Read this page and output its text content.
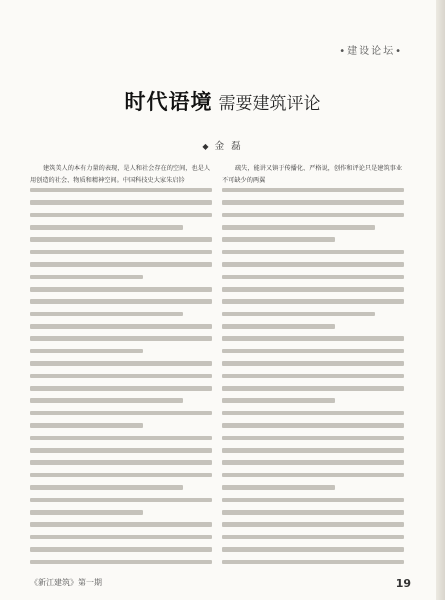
•建设论坛•
时代语境 需要建筑评论
◆ 金 磊

建筑美人的本有力量的表现，是人和社会存在的空间，也是人用创造的社会、物质和精神空间。中国科技史大家朱启钤

疏失，能讲又镇于传播化、严格说，创作和评论只是建筑事业不可缺少的两翼

《新江建筑》第一期	19
